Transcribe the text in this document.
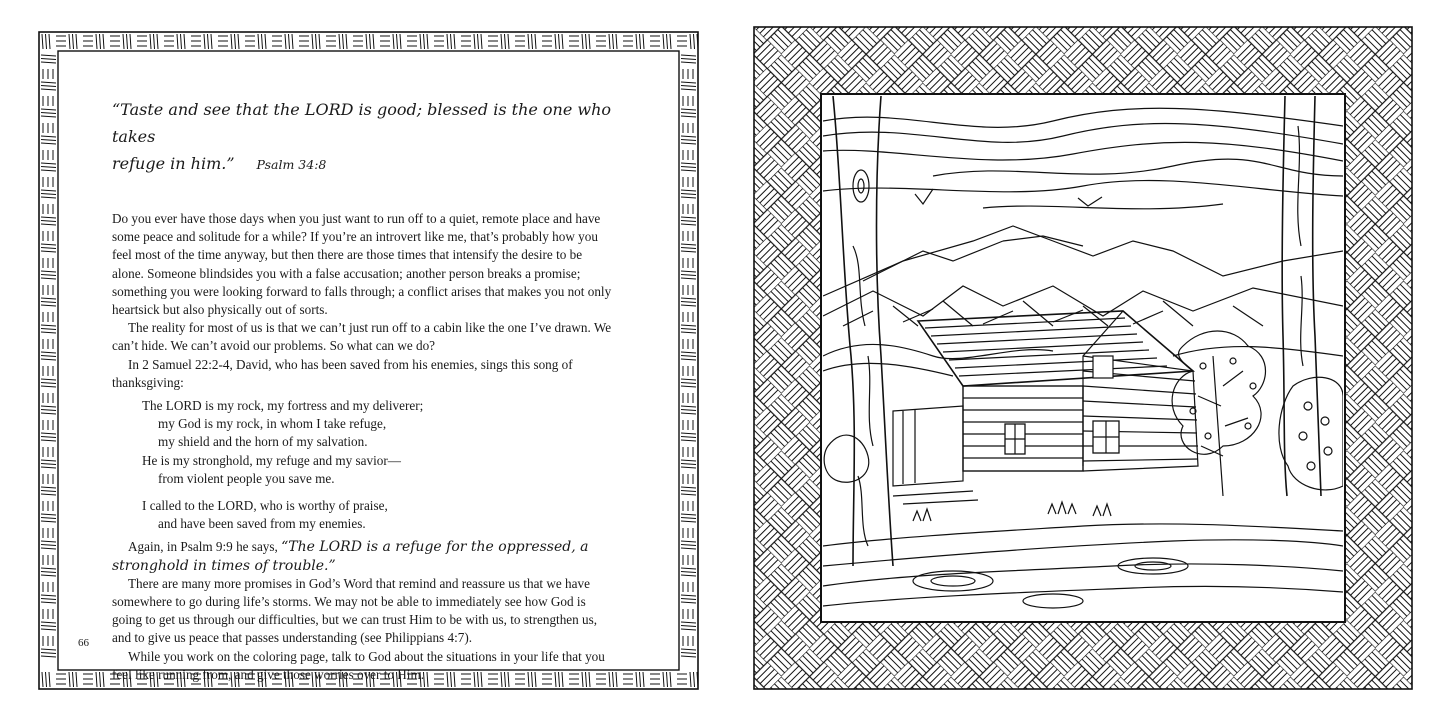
“Taste and see that the LORD is good; blessed is the one who takes
refuge in him.” Psalm 34:8

Do you ever have those days when you just want to run off to a quiet, remote place and have some peace and solitude for a while? If you’re an introvert like me, that’s probably how you feel most of the time anyway, but then there are those times that intensify the desire to be alone. Someone blindsides you with a false accusation; another person breaks a promise; something you were looking forward to falls through; a conflict arises that makes you not only heartsick but also physically out of sorts.

The reality for most of us is that we can’t just run off to a cabin like the one I’ve drawn. We can’t hide. We can’t avoid our problems. So what can we do?

In 2 Samuel 22:2-4, David, who has been saved from his enemies, sings this song of thanksgiving:

The LORD is my rock, my fortress and my deliverer;
my God is my rock, in whom I take refuge,
my shield and the horn of my salvation.
He is my stronghold, my refuge and my savior—
from violent people you save me.
I called to the LORD, who is worthy of praise,
and have been saved from my enemies.

Again, in Psalm 9:9 he says, “The LORD is a refuge for the oppressed, a stronghold in times of trouble.”

There are many more promises in God’s Word that remind and reassure us that we have somewhere to go during life’s storms. We may not be able to immediately see how God is going to get us through our difficulties, but we can trust Him to be with us, to strengthen us, and to give us peace that passes understanding (see Philippians 4:7).

While you work on the coloring page, talk to God about the situations in your life that you feel like running from, and give those worries over to Him.

66
